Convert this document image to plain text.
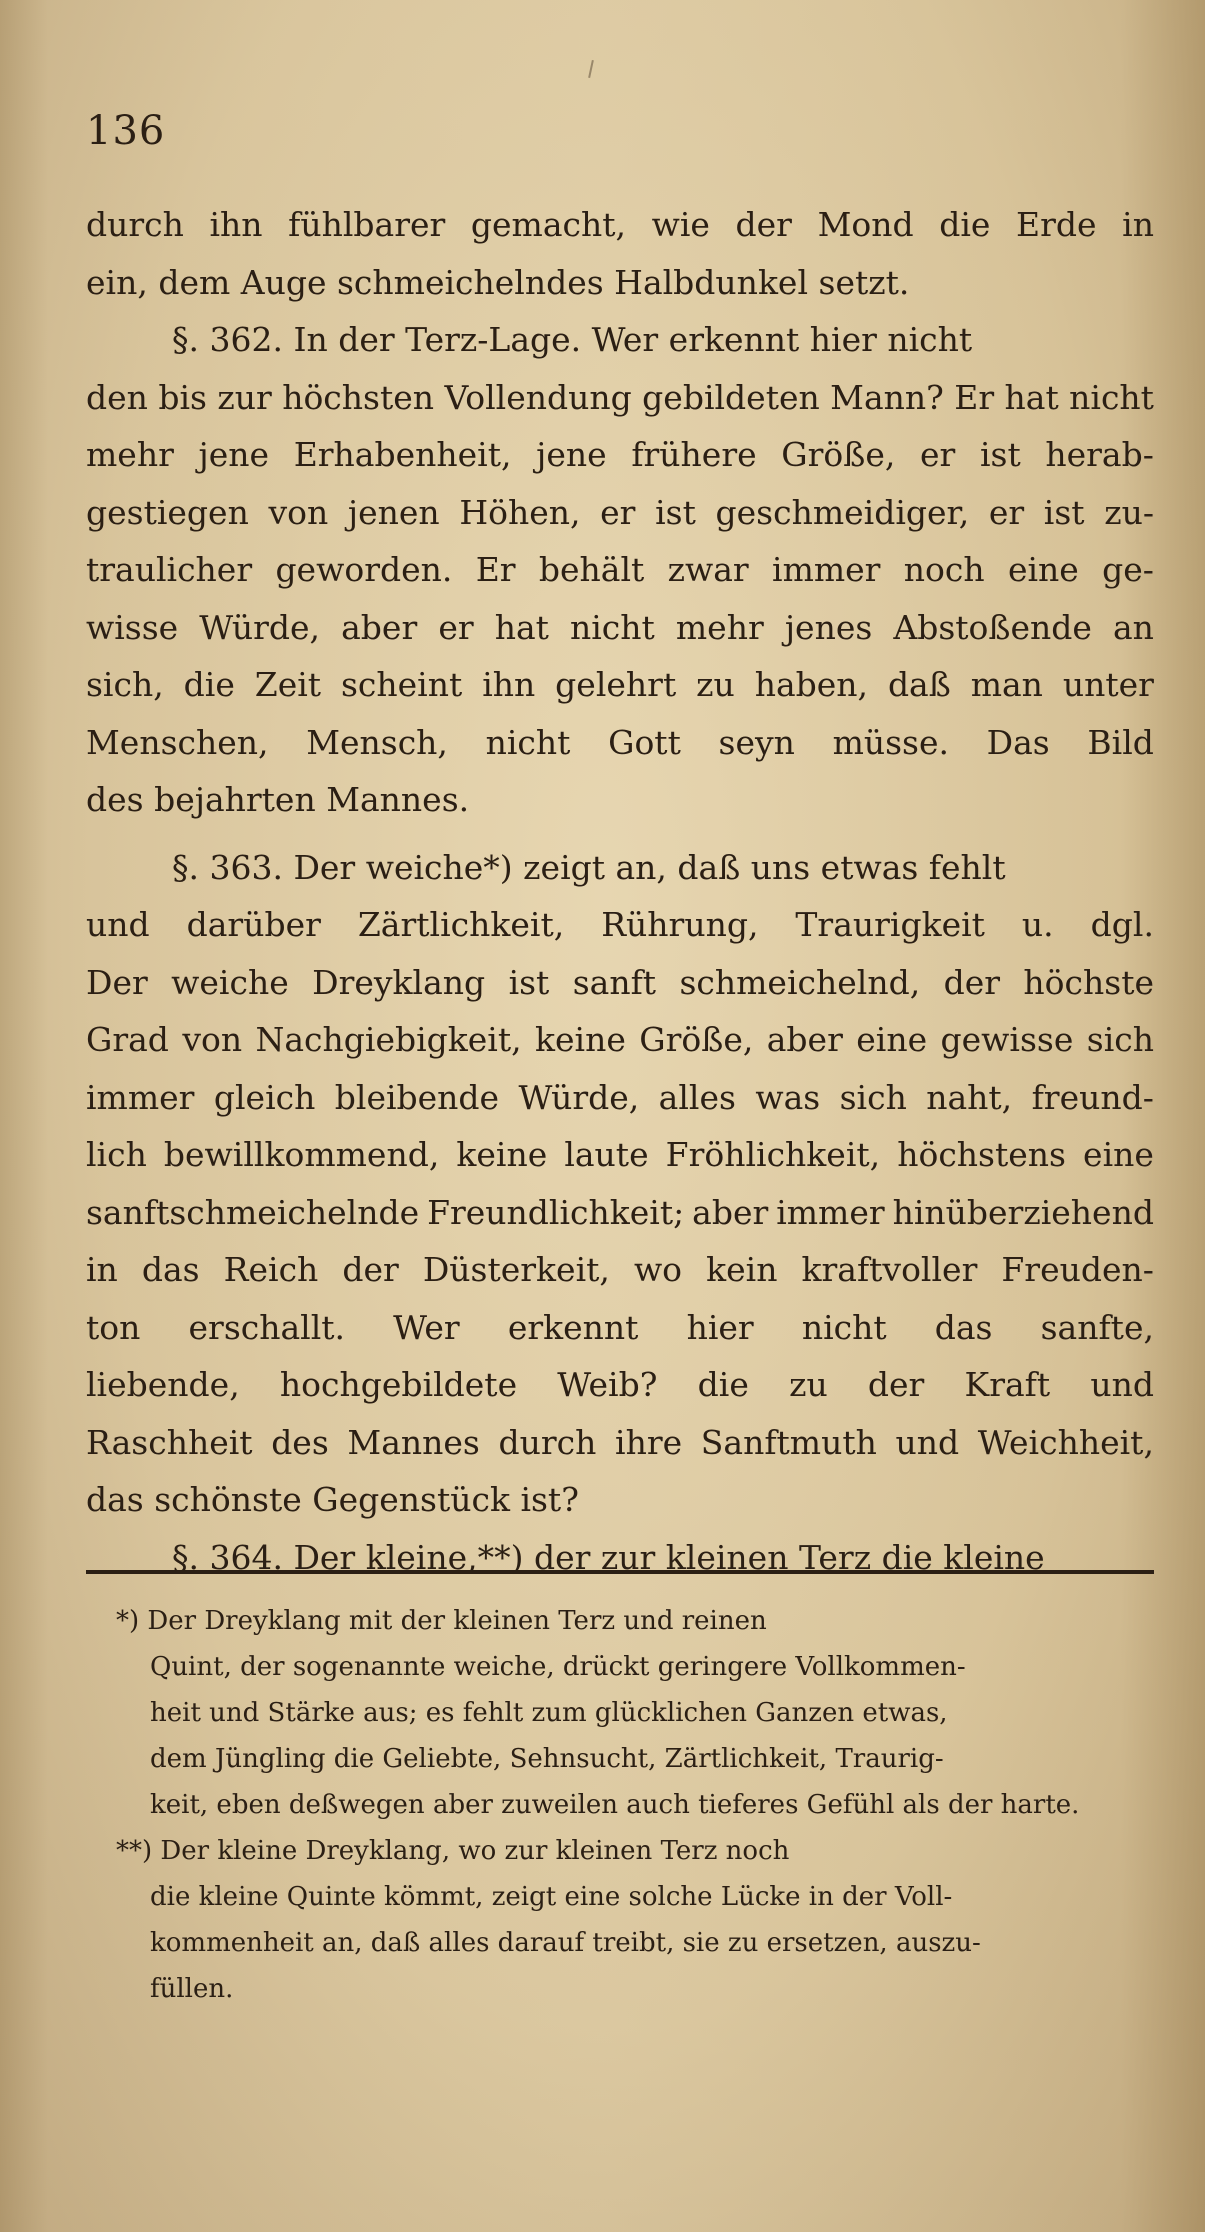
136
durch ihn fühlbarer gemacht, wie der Mond die Erde in
ein, dem Auge schmeichelndes Halbdunkel setzt.
§. 362. In der Terz-Lage. Wer erkennt hier nicht
den bis zur höchsten Vollendung gebildeten Mann? Er hat nicht
mehr jene Erhabenheit, jene frühere Größe, er ist herab-
gestiegen von jenen Höhen, er ist geschmeidiger, er ist zu-
traulicher geworden. Er behält zwar immer noch eine ge-
wisse Würde, aber er hat nicht mehr jenes Abstoßende an
sich, die Zeit scheint ihn gelehrt zu haben, daß man unter
Menschen, Mensch, nicht Gott seyn müsse. Das Bild
des bejahrten Mannes.
§. 363. Der weiche*) zeigt an, daß uns etwas fehlt
und darüber Zärtlichkeit, Rührung, Traurigkeit u. dgl.
Der weiche Dreyklang ist sanft schmeichelnd, der höchste
Grad von Nachgiebigkeit, keine Größe, aber eine gewisse sich
immer gleich bleibende Würde, alles was sich naht, freund-
lich bewillkommend, keine laute Fröhlichkeit, höchstens eine
sanftschmeichelnde Freundlichkeit; aber immer hinüberziehend
in das Reich der Düsterkeit, wo kein kraftvoller Freuden-
ton erschallt. Wer erkennt hier nicht das sanfte,
liebende, hochgebildete Weib? die zu der Kraft und
Raschheit des Mannes durch ihre Sanftmuth und Weichheit,
das schönste Gegenstück ist?
§. 364. Der kleine,**) der zur kleinen Terz die kleine
*) Der Dreyklang mit der kleinen Terz und reinen
Quint, der sogenannte weiche, drückt geringere Vollkommen-
heit und Stärke aus; es fehlt zum glücklichen Ganzen etwas,
dem Jüngling die Geliebte, Sehnsucht, Zärtlichkeit, Traurig-
keit, eben deßwegen aber zuweilen auch tieferes Gefühl als der harte.
**) Der kleine Dreyklang, wo zur kleinen Terz noch
die kleine Quinte kömmt, zeigt eine solche Lücke in der Voll-
kommenheit an, daß alles darauf treibt, sie zu ersetzen, auszu-
füllen.
